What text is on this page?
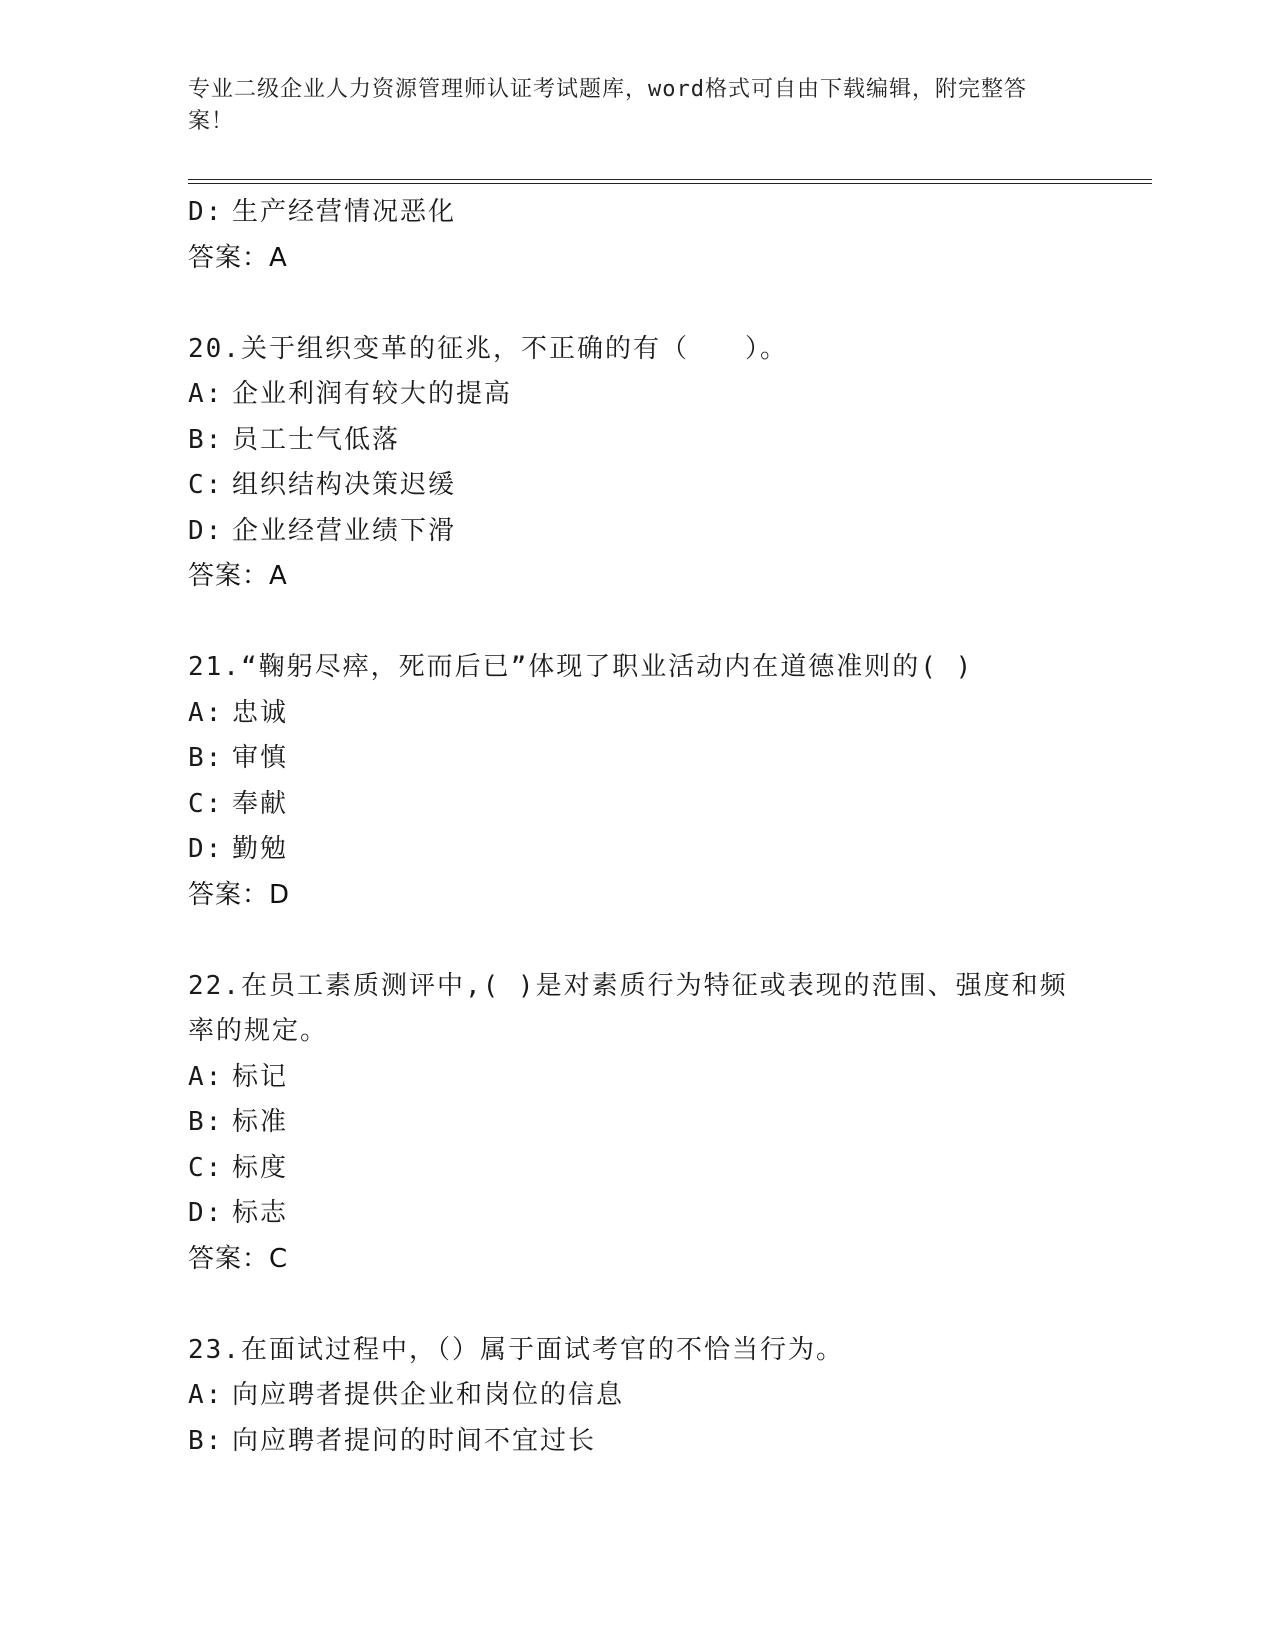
专业二级企业人力资源管理师认证考试题库，word格式可自由下载编辑，附完整答案！
D: 生产经营情况恶化
答案：A
20.关于组织变革的征兆，不正确的有（　　）。
A: 企业利润有较大的提高
B: 员工士气低落
C: 组织结构决策迟缓
D: 企业经营业绩下滑
答案：A
21.“鞠躬尽瘁，死而后已”体现了职业活动内在道德准则的( )
A: 忠诚
B: 审慎
C: 奉献
D: 勤勉
答案：D
22.在员工素质测评中,( )是对素质行为特征或表现的范围、强度和频率的规定。
A: 标记
B: 标准
C: 标度
D: 标志
答案：C
23.在面试过程中，（）属于面试考官的不恰当行为。
A: 向应聘者提供企业和岗位的信息
B: 向应聘者提问的时间不宜过长
